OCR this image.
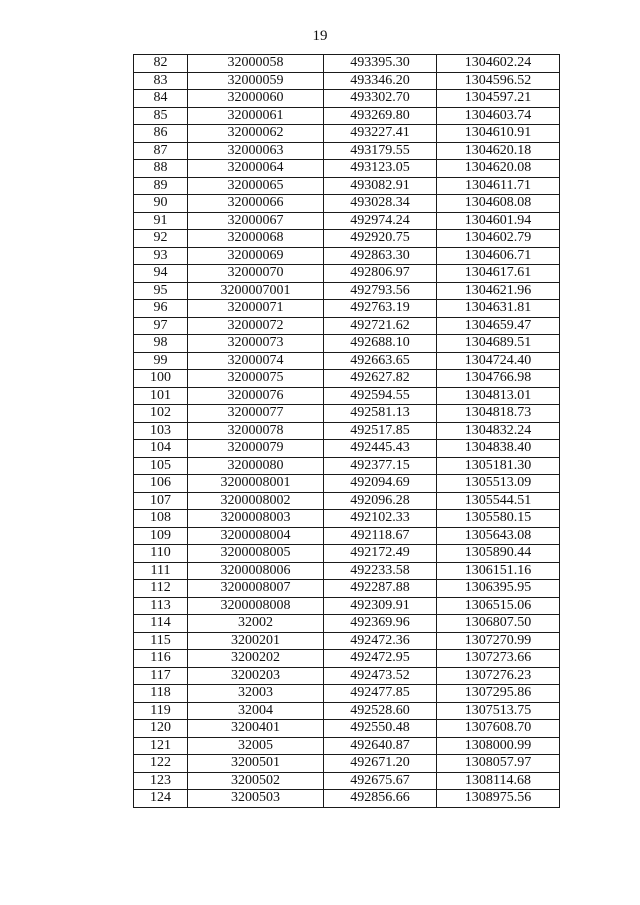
19
82	32000058	493395.30	1304602.24
83	32000059	493346.20	1304596.52
84	32000060	493302.70	1304597.21
85	32000061	493269.80	1304603.74
86	32000062	493227.41	1304610.91
87	32000063	493179.55	1304620.18
88	32000064	493123.05	1304620.08
89	32000065	493082.91	1304611.71
90	32000066	493028.34	1304608.08
91	32000067	492974.24	1304601.94
92	32000068	492920.75	1304602.79
93	32000069	492863.30	1304606.71
94	32000070	492806.97	1304617.61
95	3200007001	492793.56	1304621.96
96	32000071	492763.19	1304631.81
97	32000072	492721.62	1304659.47
98	32000073	492688.10	1304689.51
99	32000074	492663.65	1304724.40
100	32000075	492627.82	1304766.98
101	32000076	492594.55	1304813.01
102	32000077	492581.13	1304818.73
103	32000078	492517.85	1304832.24
104	32000079	492445.43	1304838.40
105	32000080	492377.15	1305181.30
106	3200008001	492094.69	1305513.09
107	3200008002	492096.28	1305544.51
108	3200008003	492102.33	1305580.15
109	3200008004	492118.67	1305643.08
110	3200008005	492172.49	1305890.44
111	3200008006	492233.58	1306151.16
112	3200008007	492287.88	1306395.95
113	3200008008	492309.91	1306515.06
114	32002	492369.96	1306807.50
115	3200201	492472.36	1307270.99
116	3200202	492472.95	1307273.66
117	3200203	492473.52	1307276.23
118	32003	492477.85	1307295.86
119	32004	492528.60	1307513.75
120	3200401	492550.48	1307608.70
121	32005	492640.87	1308000.99
122	3200501	492671.20	1308057.97
123	3200502	492675.67	1308114.68
124	3200503	492856.66	1308975.56
